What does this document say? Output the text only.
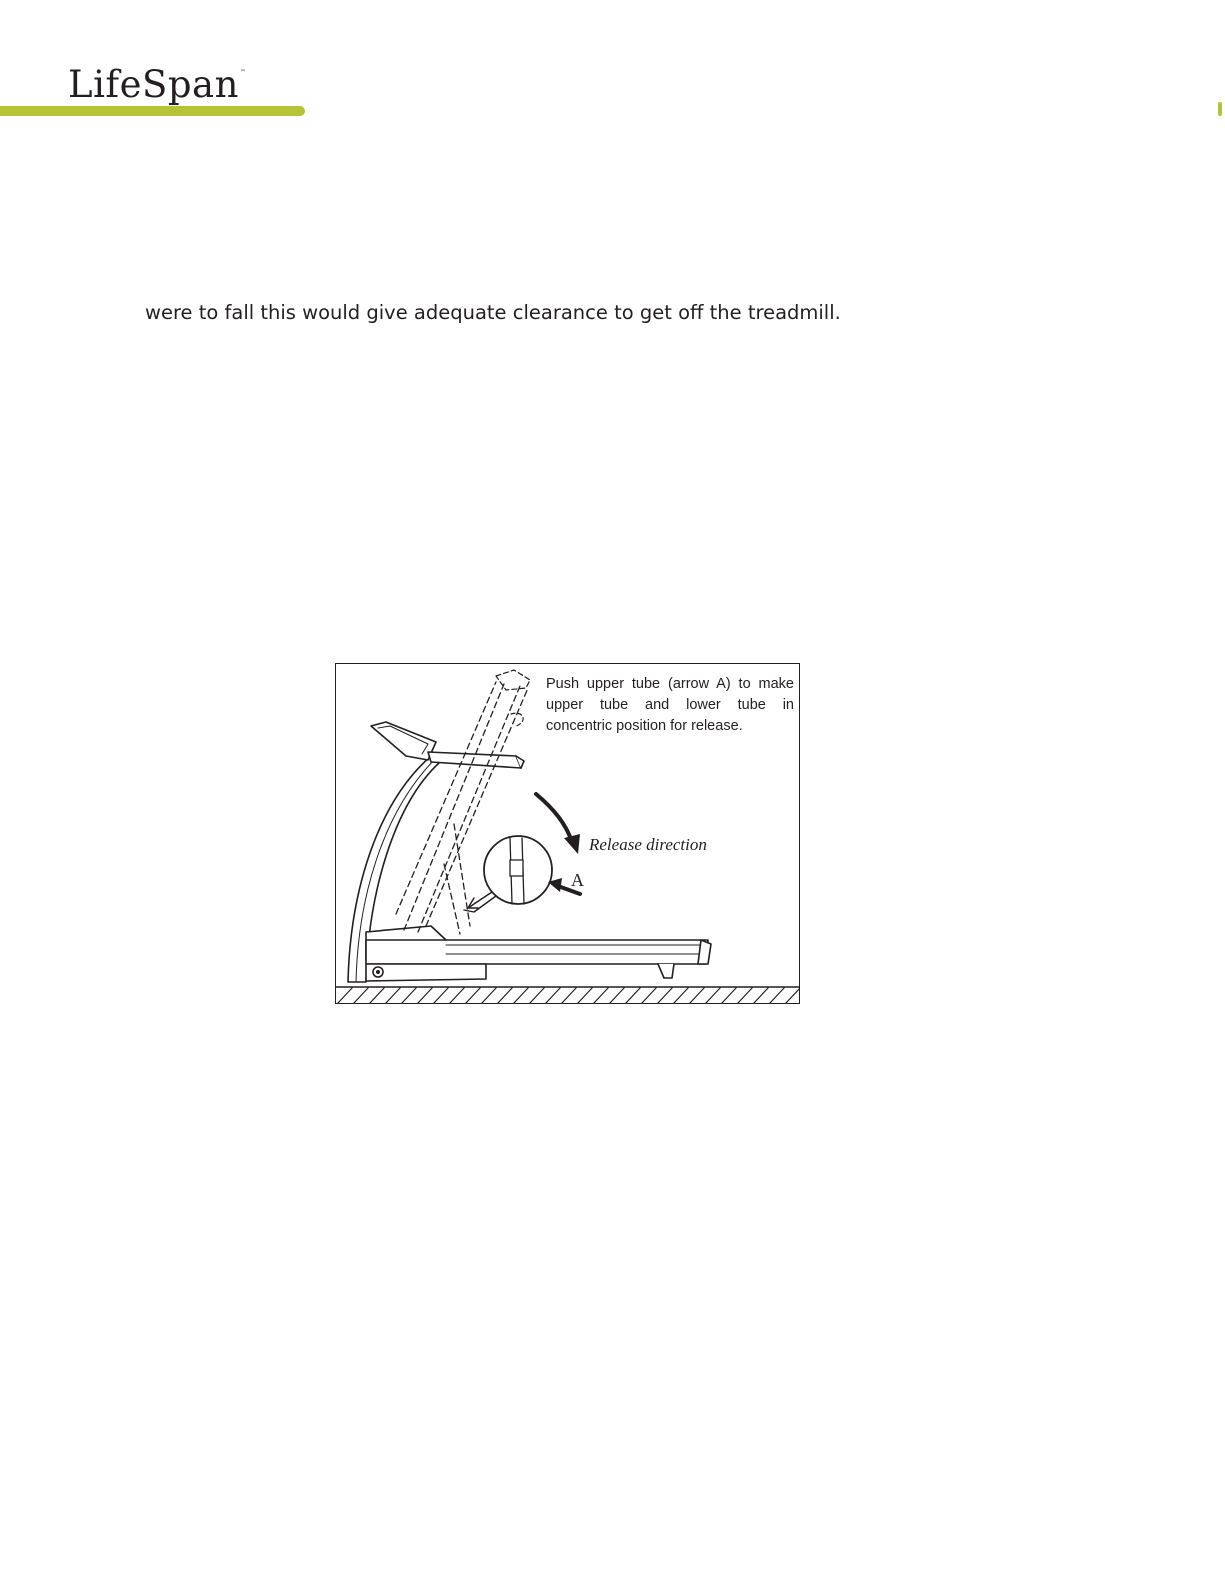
LifeSpan™

were to fall this would give adequate clearance to get off the treadmill.

Push upper tube (arrow A) to make upper tube and lower tube in concentric position for release.
Release direction
A
